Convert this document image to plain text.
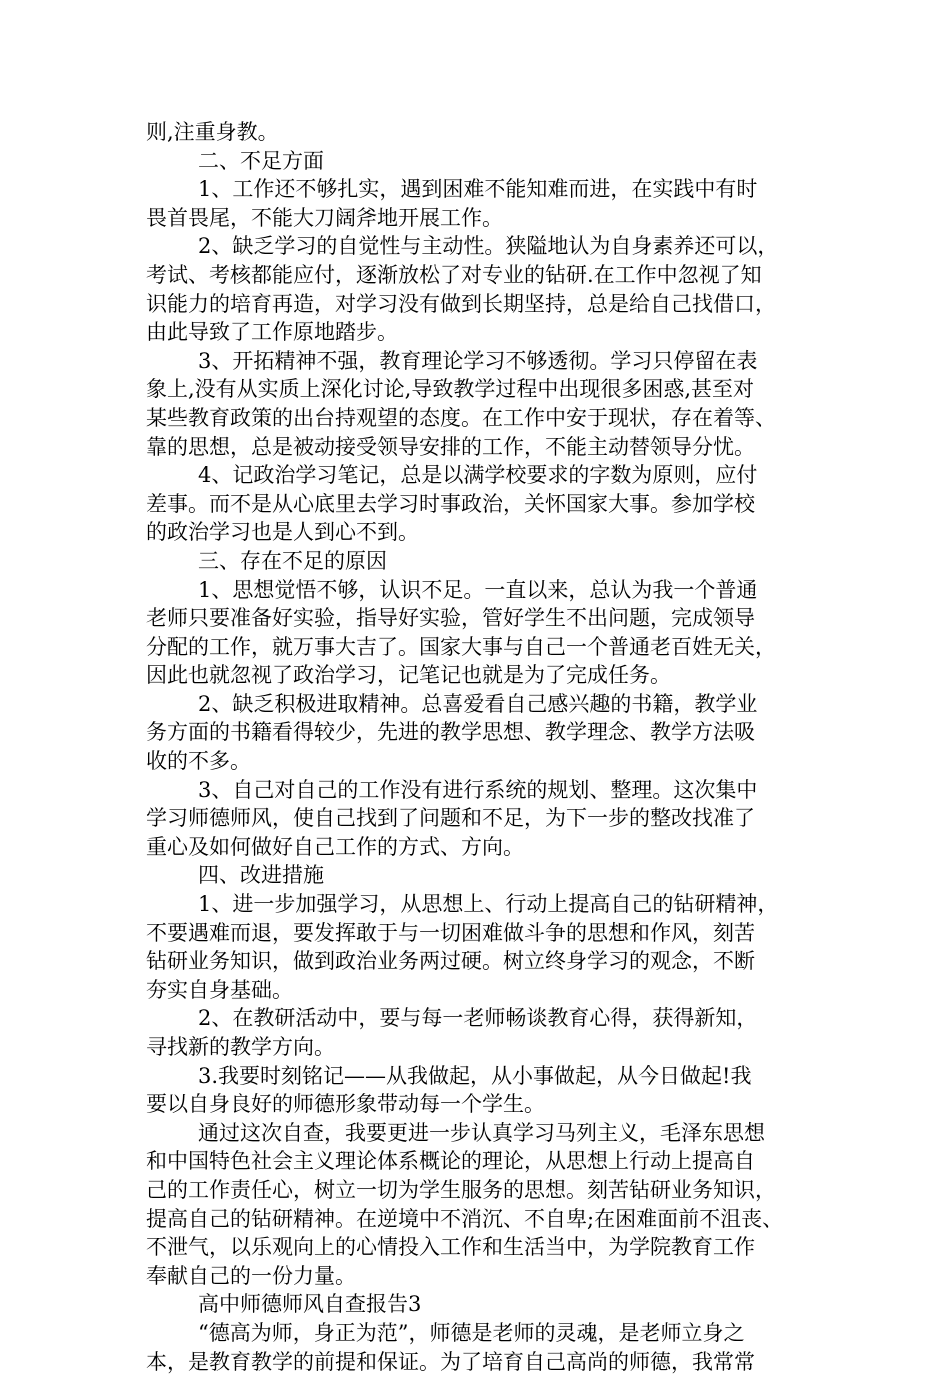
则,注重身教。
二、不足方面
1、工作还不够扎实，遇到困难不能知难而进，在实践中有时
畏首畏尾，不能大刀阔斧地开展工作。
2、缺乏学习的自觉性与主动性。狭隘地认为自身素养还可以，
考试、考核都能应付，逐渐放松了对专业的钻研.在工作中忽视了知
识能力的培育再造，对学习没有做到长期坚持，总是给自己找借口，
由此导致了工作原地踏步。
3、开拓精神不强，教育理论学习不够透彻。学习只停留在表
象上,没有从实质上深化讨论,导致教学过程中出现很多困惑,甚至对
某些教育政策的出台持观望的态度。在工作中安于现状，存在着等、
靠的思想，总是被动接受领导安排的工作，不能主动替领导分忧。
4、记政治学习笔记，总是以满学校要求的字数为原则，应付
差事。而不是从心底里去学习时事政治，关怀国家大事。参加学校
的政治学习也是人到心不到。
三、存在不足的原因
1、思想觉悟不够，认识不足。一直以来，总认为我一个普通
老师只要准备好实验，指导好实验，管好学生不出问题，完成领导
分配的工作，就万事大吉了。国家大事与自己一个普通老百姓无关，
因此也就忽视了政治学习，记笔记也就是为了完成任务。
2、缺乏积极进取精神。总喜爱看自己感兴趣的书籍，教学业
务方面的书籍看得较少，先进的教学思想、教学理念、教学方法吸
收的不多。
3、自己对自己的工作没有进行系统的规划、整理。这次集中
学习师德师风，使自己找到了问题和不足，为下一步的整改找准了
重心及如何做好自己工作的方式、方向。
四、改进措施
1、进一步加强学习，从思想上、行动上提高自己的钻研精神，
不要遇难而退，要发挥敢于与一切困难做斗争的思想和作风，刻苦
钻研业务知识，做到政治业务两过硬。树立终身学习的观念，不断
夯实自身基础。
2、在教研活动中，要与每一老师畅谈教育心得，获得新知，
寻找新的教学方向。
3.我要时刻铭记——从我做起，从小事做起，从今日做起!我
要以自身良好的师德形象带动每一个学生。
通过这次自查，我要更进一步认真学习马列主义，毛泽东思想
和中国特色社会主义理论体系概论的理论，从思想上行动上提高自
己的工作责任心，树立一切为学生服务的思想。刻苦钻研业务知识，
提高自己的钻研精神。在逆境中不消沉、不自卑;在困难面前不沮丧、
不泄气，以乐观向上的心情投入工作和生活当中，为学院教育工作
奉献自己的一份力量。
高中师德师风自查报告3
“德高为师，身正为范”，师德是老师的灵魂，是老师立身之
本，是教育教学的前提和保证。为了培育自己高尚的师德，我常常
